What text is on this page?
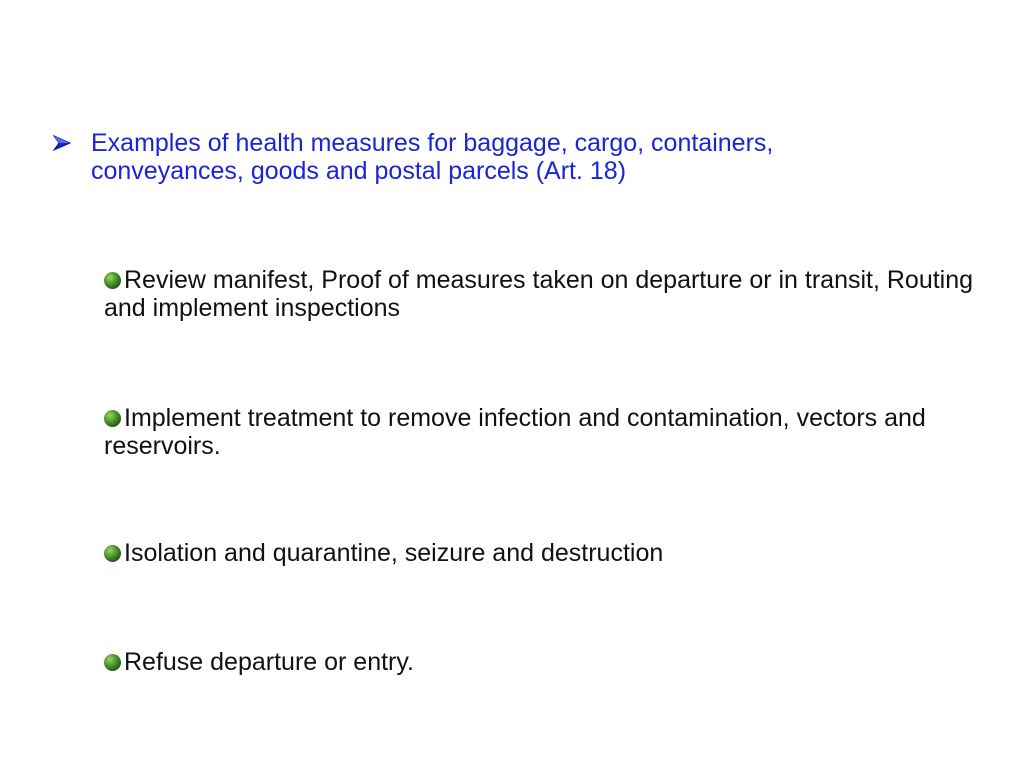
Examples of health measures for baggage, cargo, containers, conveyances, goods and postal parcels (Art. 18)
Review manifest, Proof of measures taken on departure or in transit, Routing and implement inspections
Implement treatment to remove infection and contamination, vectors and reservoirs.
Isolation and quarantine, seizure and destruction
Refuse departure or entry.
